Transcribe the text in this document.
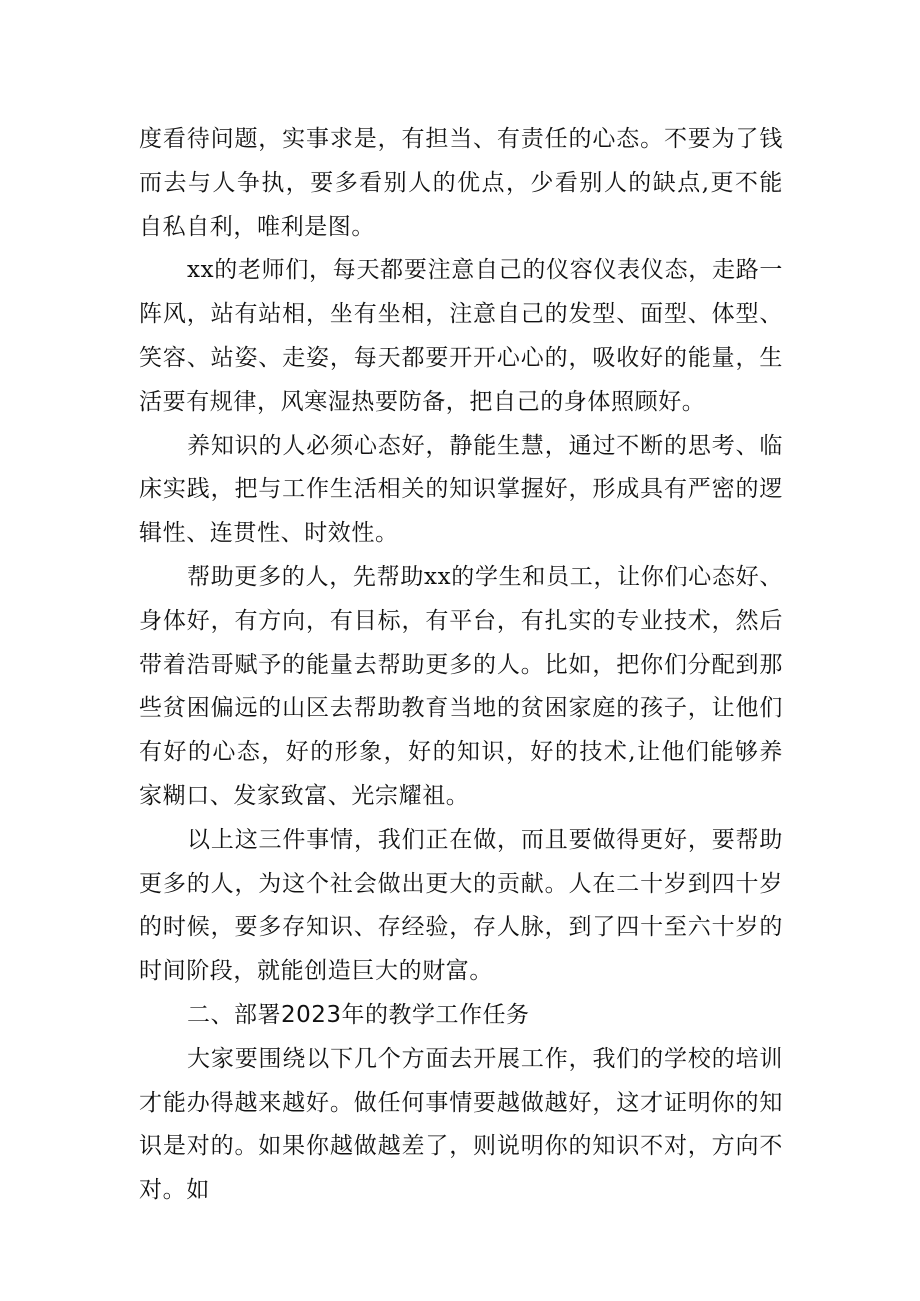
度看待问题，实事求是，有担当、有责任的心态。不要为了钱而去与人争执，要多看别人的优点，少看别人的缺点,更不能自私自利，唯利是图。

xx的老师们，每天都要注意自己的仪容仪表仪态，走路一阵风，站有站相，坐有坐相，注意自己的发型、面型、体型、笑容、站姿、走姿，每天都要开开心心的，吸收好的能量，生活要有规律，风寒湿热要防备，把自己的身体照顾好。

养知识的人必须心态好，静能生慧，通过不断的思考、临床实践，把与工作生活相关的知识掌握好，形成具有严密的逻辑性、连贯性、时效性。

帮助更多的人，先帮助xx的学生和员工，让你们心态好、身体好，有方向，有目标，有平台，有扎实的专业技术，然后带着浩哥赋予的能量去帮助更多的人。比如，把你们分配到那些贫困偏远的山区去帮助教育当地的贫困家庭的孩子，让他们有好的心态，好的形象，好的知识，好的技术,让他们能够养家糊口、发家致富、光宗耀祖。

以上这三件事情，我们正在做，而且要做得更好，要帮助更多的人，为这个社会做出更大的贡献。人在二十岁到四十岁的时候，要多存知识、存经验，存人脉，到了四十至六十岁的时间阶段，就能创造巨大的财富。

二、部署2023年的教学工作任务

大家要围绕以下几个方面去开展工作，我们的学校的培训才能办得越来越好。做任何事情要越做越好，这才证明你的知识是对的。如果你越做越差了，则说明你的知识不对，方向不对。如
